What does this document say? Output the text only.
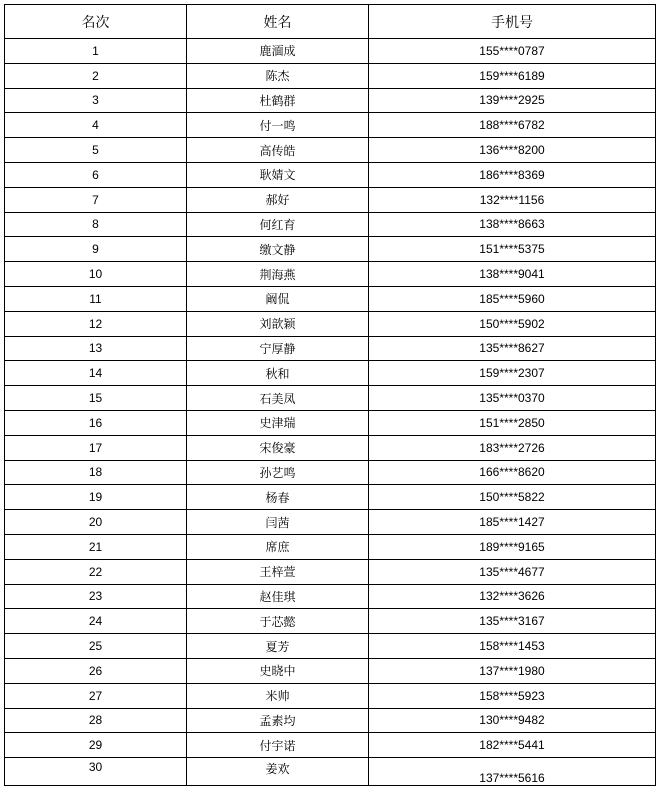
名次	姓名	手机号
1	鹿湎成	155****0787
2	陈杰	159****6189
3	杜鹤群	139****2925
4	付一鸣	188****6782
5	高传皓	136****8200
6	耿婧文	186****8369
7	郝好	132****1156
8	何红育	138****8663
9	缴文静	151****5375
10	荆海燕	138****9041
11	阚侃	185****5960
12	刘歆颖	150****5902
13	宁厚静	135****8627
14	秋和	159****2307
15	石美凤	135****0370
16	史津瑞	151****2850
17	宋俊豪	183****2726
18	孙艺鸣	166****8620
19	杨春	150****5822
20	闫茜	185****1427
21	席庶	189****9165
22	王梓萱	135****4677
23	赵佳琪	132****3626
24	于芯懿	135****3167
25	夏芳	158****1453
26	史晓中	137****1980
27	米帅	158****5923
28	孟素均	130****9482
29	付宇诺	182****5441
30	姜欢	137****5616
